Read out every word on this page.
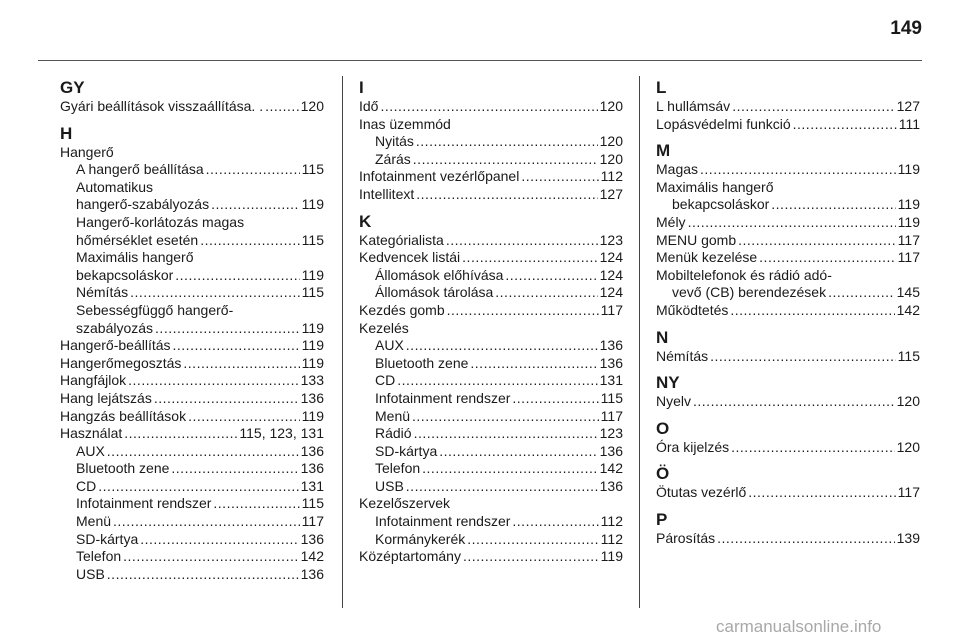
149
GY
Gyári beállítások visszaállítása. . .....	120
H
Hangerő
A hangerő beállítása .....	115
Automatikus
hangerő-szabályozás .....	119
Hangerő-korlátozás magas
hőmérséklet esetén .....	115
Maximális hangerő
bekapcsoláskor .....	119
Némítás .....	115
Sebességfüggő hangerő-
szabályozás .....	119
Hangerő-beállítás .....	119
Hangerőmegosztás .....	119
Hangfájlok .....	133
Hang lejátszás .....	136
Hangzás beállítások .....	119
Használat .....	115, 123, 131
AUX .....	136
Bluetooth zene .....	136
CD .....	131
Infotainment rendszer .....	115
Menü .....	117
SD-kártya .....	136
Telefon .....	142
USB .....	136
I
Idő .....	120
Inas üzemmód
Nyitás .....	120
Zárás .....	120
Infotainment vezérlőpanel .....	112
Intellitext .....	127
K
Kategórialista .....	123
Kedvencek listái .....	124
Állomások előhívása .....	124
Állomások tárolása .....	124
Kezdés gomb .....	117
Kezelés
AUX .....	136
Bluetooth zene .....	136
CD .....	131
Infotainment rendszer .....	115
Menü .....	117
Rádió .....	123
SD-kártya .....	136
Telefon .....	142
USB .....	136
Kezelőszervek
Infotainment rendszer .....	112
Kormánykerék .....	112
Középtartomány .....	119
L
L hullámsáv .....	127
Lopásvédelmi funkció .....	111
M
Magas .....	119
Maximális hangerő
bekapcsoláskor .....	119
Mély .....	119
MENU gomb .....	117
Menük kezelése .....	117
Mobiltelefonok és rádió adó-
vevő (CB) berendezések .....	145
Működtetés .....	142
N
Némítás .....	115
NY
Nyelv .....	120
O
Óra kijelzés .....	120
Ö
Ötutas vezérlő .....	117
P
Párosítás .....	139
carmanualsonline.info
